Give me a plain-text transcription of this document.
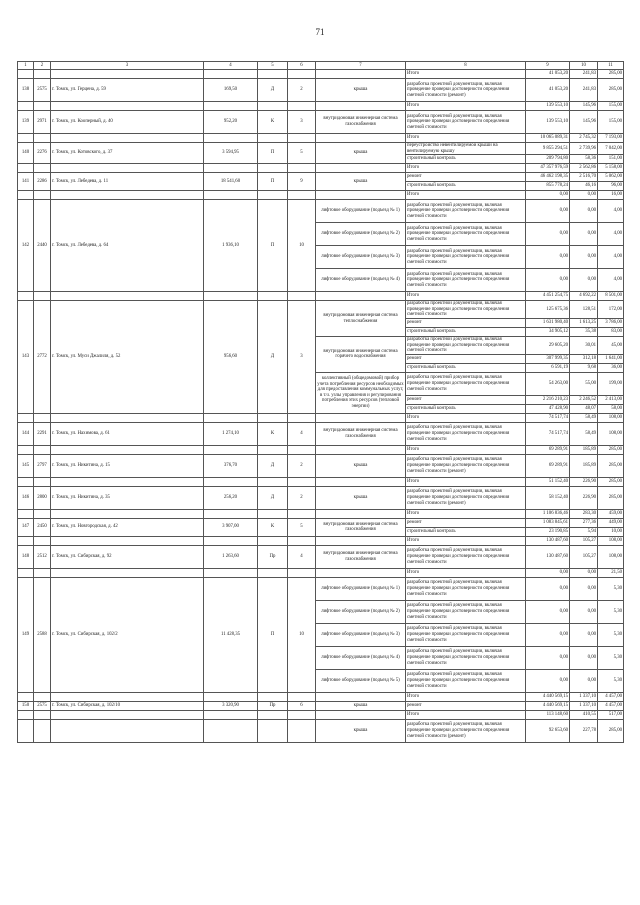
71
1	2	3	4	5	6	7	8	9	10	11
							Итого	41 053,20	241,83	285,00
138	2575	г. Томск, ул. Герцена, д. 59	169,50	Д	2	крыша	разработка проектной документации, включая проведение проверки достоверности определения сметной стоимости (ремонт)	41 053,20	241,83	285,00
							Итого	139 553,10	145,96	155,00
139	2971	г. Томск, ул. Кооперный, д. 40	952,20	К	3	внутридомовая инженерная система газоснабжения	разработка проектной документации, включая проведение проверки достоверности определения сметной стоимости	139 553,10	145,96	155,00
							Итого	10 065 089,31	2 745,32	7 193,00
140	2276	г. Томск, ул. Котовского, д. 37	3 594,95	П	5	крыша	переустройство невентилируемой крыши на вентилируемую крышу	9 855 294,51	2 739,96	7 042,00
							строительный контроль	209 794,80	58,36	151,00
							Итого	47 357 976,59	2 562,86	5 158,00
141	2286	г. Томск, ул. Лебедева, д. 11	18 541,60	П	9	крыша	ремонт	46 462 198,35	2 516,70	5 062,00
							строительный контроль	855 778,24	46,16	96,00
							Итого	0,00	0,00	16,00
142	2440	г. Томск, ул. Лебедева, д. 64	1 936,10	П	10	лифтовое оборудование (подъезд № 1)	разработка проектной документации, включая проведение проверки достоверности определения сметной стоимости	0,00	0,00	4,00
						лифтовое оборудование (подъезд № 2)	разработка проектной документации, включая проведение проверки достоверности определения сметной стоимости	0,00	0,00	4,00
						лифтовое оборудование (подъезд № 3)	разработка проектной документации, включая проведение проверки достоверности определения сметной стоимости	0,00	0,00	4,00
						лифтовое оборудование (подъезд № 4)	разработка проектной документации, включая проведение проверки достоверности определения сметной стоимости	0,00	0,00	4,00
							Итого	4 451 254,75	4 692,22	8 501,00
143	2772	г. Томск, ул. Муси Джалиля, д. 52	956,60	Д	3	внутридомовая инженерная система теплоснабжения	разработка проектной документации, включая проведение проверки достоверности определения сметной стоимости	125 675,36	128,51	172,00
							ремонт	1 631 980,40	1 613,25	3 786,00
							строительный контроль	34 905,12	35,38	83,00
						внутридомовая инженерная система горячего водоснабжения	разработка проектной документации, включая проведение проверки достоверности определения сметной стоимости	29 605,20	30,01	45,00
							ремонт	307 999,35	312,18	1 641,00
							строительный контроль	6 591,19	9,68	36,00
						коллективный (общедомовой) прибор учета потребления ресурсов необходимых для предоставления коммунальных услуг, в т.ч. узлы управления и регулирования потребления этих ресурсов (тепловой энергии)	разработка проектной документации, включая проведение проверки достоверности определения сметной стоимости	54 263,00	55,00	199,00
							ремонт	2 216 210,23	2 246,52	2 413,00
							строительный контроль	47 428,90	48,07	58,00
							Итого	74 517,74	58,49	108,00
144	2291	г. Томск, ул. Нахимова, д. 61	1 274,10	К	4	внутридомовая инженерная система газоснабжения	разработка проектной документации, включая проведение проверки достоверности определения сметной стоимости	74 517,74	58,49	108,00
							Итого	69 289,91	185,89	285,00
145	2797	г. Томск, ул. Никитина, д. 15	376,70	Д	2	крыша	разработка проектной документации, включая проведение проверки достоверности определения сметной стоимости (ремонт)	69 289,91	185,89	285,00
							Итого	51 152,40	226,90	285,00
146	2800	г. Томск, ул. Никитина, д. 35	256,20	Д	2	крыша	разработка проектной документации, включая проведение проверки достоверности определения сметной стоимости (ремонт)	58 152,40	226,90	285,00
							Итого	1 106 836,46	283,30	459,00
147	2450	г. Томск, ул. Новгородская, д. 42	3 907,00	К	5	внутридомовая инженерная система газоснабжения	ремонт	1 083 845,61	277,36	449,00
							строительный контроль	23 190,85	5,94	10,00
							Итого	130 487,60	105,27	108,00
148	2512	г. Томск, ул. Сибирская, д. 92	1 263,60	Пр	4	внутридомовая инженерная система газоснабжения	разработка проектной документации, включая проведение проверки достоверности определения сметной стоимости	130 487,60	105,27	108,00
							Итого	0,00	0,00	21,50
149	2588	г. Томск, ул. Сибирская, д. 102/2	11 428,35	П	10	лифтовое оборудование (подъезд № 1)	разработка проектной документации, включая проведение проверки достоверности определения сметной стоимости	0,00	0,00	5,30
						лифтовое оборудование (подъезд № 2)	разработка проектной документации, включая проведение проверки достоверности определения сметной стоимости	0,00	0,00	5,30
						лифтовое оборудование (подъезд № 3)	разработка проектной документации, включая проведение проверки достоверности определения сметной стоимости	0,00	0,00	5,30
						лифтовое оборудование (подъезд № 4)	разработка проектной документации, включая проведение проверки достоверности определения сметной стоимости	0,00	0,00	5,30
						лифтовое оборудование (подъезд № 5)	разработка проектной документации, включая проведение проверки достоверности определения сметной стоимости	0,00	0,00	5,30
							Итого	4 440 569,15	1 337,10	4 457,00
150	2575	г. Томск, ул. Сибирская, д. 102/10	3 320,90	Пр	6	крыша	ремонт	4 440 569,15	1 337,10	4 457,00
							Итого	113 148,60	410,55	517,00
						крыша	разработка проектной документации, включая проведение проверки достоверности определения сметной стоимости (ремонт)	92 653,60	227,78	285,00
